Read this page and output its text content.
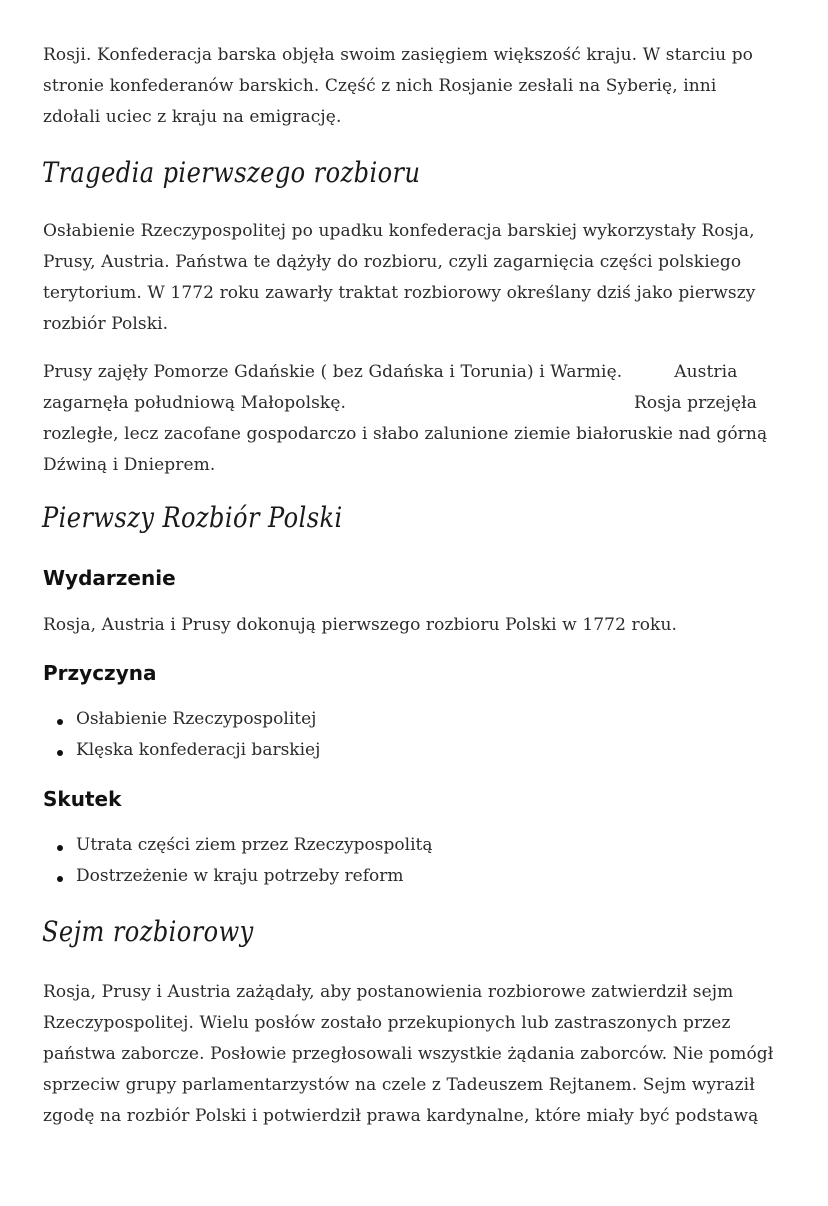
Rosji. Konfederacja barska objęła swoim zasięgiem większość kraju. W starciu po
stronie konfederanów barskich. Część z nich Rosjanie zesłali na Syberię, inni
zdołali uciec z kraju na emigrację.

Tragedia pierwszego rozbioru

Osłabienie Rzeczypospolitej po upadku konfederacja barskiej wykorzystały Rosja,
Prusy, Austria. Państwa te dążyły do rozbioru, czyli zagarnięcia części polskiego
terytorium. W 1772 roku zawarły traktat rozbiorowy określany dziś jako pierwszy
rozbiór Polski.

Prusy zajęły Pomorze Gdańskie ( bez Gdańska i Torunia) i Warmię.	Austria
zagarnęła południową Małopolskę.	Rosja przejęła
rozległe, lecz zacofane gospodarczo i słabo zalunione ziemie białoruskie nad górną
Dźwiną i Dnieprem.

Pierwszy Rozbiór Polski
Wydarzenie

Rosja, Austria i Prusy dokonują pierwszego rozbioru Polski w 1772 roku.

Przyczyna
Osłabienie Rzeczypospolitej
Klęska konfederacji barskiej
Skutek
Utrata części ziem przez Rzeczypospolitą
Dostrzeżenie w kraju potrzeby reform
Sejm rozbiorowy

Rosja, Prusy i Austria zażądały, aby postanowienia rozbiorowe zatwierdził sejm
Rzeczypospolitej. Wielu posłów zostało przekupionych lub zastraszonych przez
państwa zaborcze. Posłowie przegłosowali wszystkie żądania zaborców. Nie pomógł
sprzeciw grupy parlamentarzystów na czele z Tadeuszem Rejtanem. Sejm wyraził
zgodę na rozbiór Polski i potwierdził prawa kardynalne, które miały być podstawą
